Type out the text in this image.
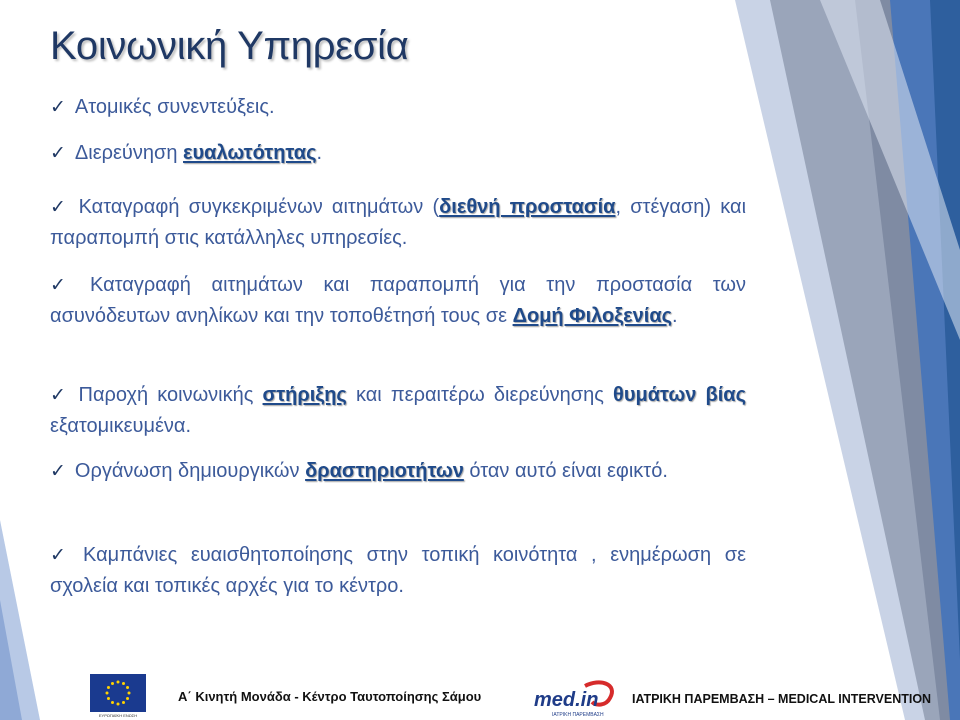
Κοινωνική Υπηρεσία
✓ Ατομικές συνεντεύξεις.
✓ Διερεύνηση ευαλωτότητας.
✓ Καταγραφή συγκεκριμένων αιτημάτων (διεθνή προστασία, στέγαση) και παραπομπή στις κατάλληλες υπηρεσίες.
✓ Καταγραφή αιτημάτων και παραπομπή για την προστασία των ασυνόδευτων ανηλίκων και την τοποθέτησή τους σε Δομή Φιλοξενίας.
✓ Παροχή κοινωνικής στήριξης και περαιτέρω διερεύνησης θυμάτων βίας εξατομικευμένα.
✓ Οργάνωση δημιουργικών δραστηριοτήτων όταν αυτό είναι εφικτό.
✓ Καμπάνιες ευαισθητοποίησης στην τοπική κοινότητα , ενημέρωση σε σχολεία και τοπικές αρχές για το κέντρο.
ΕΥΡΩΠΑΪΚΗ ΕΝΩΣΗ
Α΄ Κινητή Μονάδα - Κέντρο Ταυτοποίησης Σάμου	med.in
ΙΑΤΡΙΚΗ ΠΑΡΕΜΒΑΣΗ
ΙΑΤΡΙΚΗ ΠΑΡΕΜΒΑΣΗ – MEDICAL INTERVENTION
